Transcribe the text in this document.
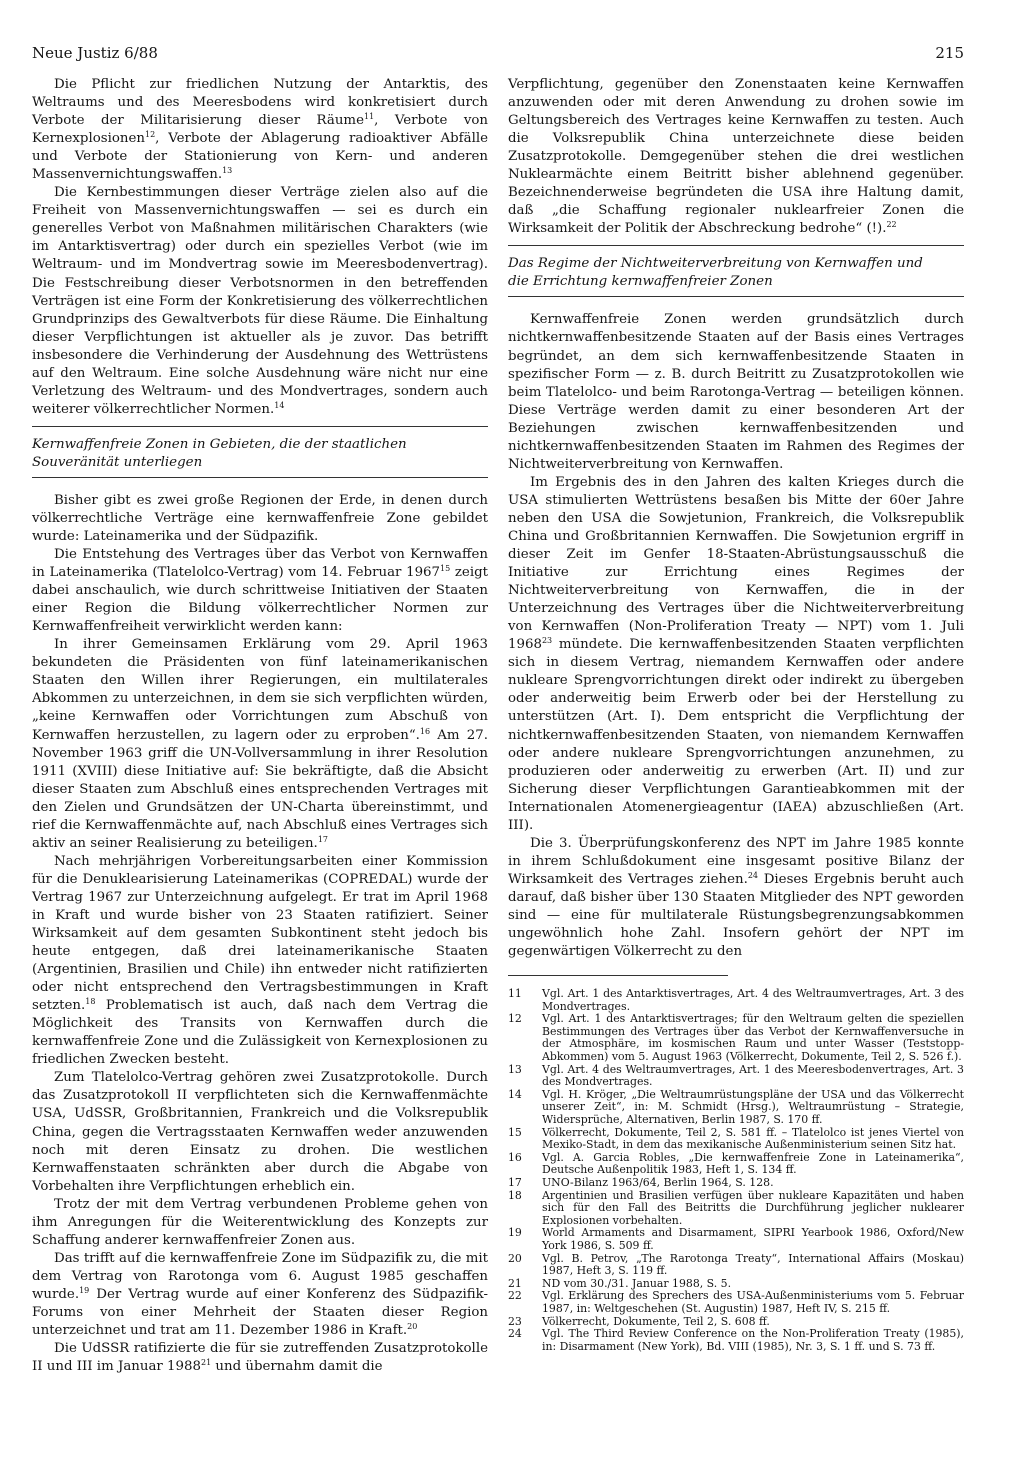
Neue Justiz 6/88	215

Die Pflicht zur friedlichen Nutzung der Antarktis, des Weltraums und des Meeresbodens wird konkretisiert durch Verbote der Militarisierung dieser Räume$^{11}$, Verbote von Kernexplosionen$^{12}$, Verbote der Ablagerung radioaktiver Abfälle und Verbote der Stationierung von Kern- und anderen Massenvernichtungswaffen.$^{13}$

Die Kernbestimmungen dieser Verträge zielen also auf die Freiheit von Massenvernichtungswaffen — sei es durch ein generelles Verbot von Maßnahmen militärischen Charakters (wie im Antarktisvertrag) oder durch ein spezielles Verbot (wie im Weltraum- und im Mondvertrag sowie im Meeresbodenvertrag). Die Festschreibung dieser Verbotsnormen in den betreffenden Verträgen ist eine Form der Konkretisierung des völkerrechtlichen Grundprinzips des Gewaltverbots für diese Räume. Die Einhaltung dieser Verpflichtungen ist aktueller als je zuvor. Das betrifft insbesondere die Verhinderung der Ausdehnung des Wettrüstens auf den Weltraum. Eine solche Ausdehnung wäre nicht nur eine Verletzung des Weltraum- und des Mondvertrages, sondern auch weiterer völkerrechtlicher Normen.$^{14}$

Kernwaffenfreie Zonen in Gebieten, die der staatlichen Souveränität unterliegen

Bisher gibt es zwei große Regionen der Erde, in denen durch völkerrechtliche Verträge eine kernwaffenfreie Zone gebildet wurde: Lateinamerika und der Südpazifik.

Die Entstehung des Vertrages über das Verbot von Kernwaffen in Lateinamerika (Tlatelolco-Vertrag) vom 14. Februar 1967$^{15}$ zeigt dabei anschaulich, wie durch schrittweise Initiativen der Staaten einer Region die Bildung völkerrechtlicher Normen zur Kernwaffenfreiheit verwirklicht werden kann:

In ihrer Gemeinsamen Erklärung vom 29. April 1963 bekundeten die Präsidenten von fünf lateinamerikanischen Staaten den Willen ihrer Regierungen, ein multilaterales Abkommen zu unterzeichnen, in dem sie sich verpflichten würden, „keine Kernwaffen oder Vorrichtungen zum Abschuß von Kernwaffen herzustellen, zu lagern oder zu erproben“.$^{16}$ Am 27. November 1963 griff die UN-Vollversammlung in ihrer Resolution 1911 (XVIII) diese Initiative auf: Sie bekräftigte, daß die Absicht dieser Staaten zum Abschluß eines entsprechenden Vertrages mit den Zielen und Grundsätzen der UN-Charta übereinstimmt, und rief die Kernwaffenmächte auf, nach Abschluß eines Vertrages sich aktiv an seiner Realisierung zu beteiligen.$^{17}$

Nach mehrjährigen Vorbereitungsarbeiten einer Kommission für die Denuklearisierung Lateinamerikas (COPREDAL) wurde der Vertrag 1967 zur Unterzeichnung aufgelegt. Er trat im April 1968 in Kraft und wurde bisher von 23 Staaten ratifiziert. Seiner Wirksamkeit auf dem gesamten Subkontinent steht jedoch bis heute entgegen, daß drei lateinamerikanische Staaten (Argentinien, Brasilien und Chile) ihn entweder nicht ratifizierten oder nicht entsprechend den Vertragsbestimmungen in Kraft setzten.$^{18}$ Problematisch ist auch, daß nach dem Vertrag die Möglichkeit des Transits von Kernwaffen durch die kernwaffenfreie Zone und die Zulässigkeit von Kernexplosionen zu friedlichen Zwecken besteht.

Zum Tlatelolco-Vertrag gehören zwei Zusatzprotokolle. Durch das Zusatzprotokoll II verpflichteten sich die Kernwaffenmächte USA, UdSSR, Großbritannien, Frankreich und die Volksrepublik China, gegen die Vertragsstaaten Kernwaffen weder anzuwenden noch mit deren Einsatz zu drohen. Die westlichen Kernwaffenstaaten schränkten aber durch die Abgabe von Vorbehalten ihre Verpflichtungen erheblich ein.

Trotz der mit dem Vertrag verbundenen Probleme gehen von ihm Anregungen für die Weiterentwicklung des Konzepts zur Schaffung anderer kernwaffenfreier Zonen aus.

Das trifft auf die kernwaffenfreie Zone im Südpazifik zu, die mit dem Vertrag von Rarotonga vom 6. August 1985 geschaffen wurde.$^{19}$ Der Vertrag wurde auf einer Konferenz des Südpazifik-Forums von einer Mehrheit der Staaten dieser Region unterzeichnet und trat am 11. Dezember 1986 in Kraft.$^{20}$

Die UdSSR ratifizierte die für sie zutreffenden Zusatzprotokolle II und III im Januar 1988$^{21}$ und übernahm damit die

Verpflichtung, gegenüber den Zonenstaaten keine Kernwaffen anzuwenden oder mit deren Anwendung zu drohen sowie im Geltungsbereich des Vertrages keine Kernwaffen zu testen. Auch die Volksrepublik China unterzeichnete diese beiden Zusatzprotokolle. Demgegenüber stehen die drei westlichen Nuklearmächte einem Beitritt bisher ablehnend gegenüber. Bezeichnenderweise begründeten die USA ihre Haltung damit, daß „die Schaffung regionaler nuklearfreier Zonen die Wirksamkeit der Politik der Abschreckung bedrohe“ (!).$^{22}$

Das Regime der Nichtweiterverbreitung von Kernwaffen und die Errichtung kernwaffenfreier Zonen

Kernwaffenfreie Zonen werden grundsätzlich durch nichtkernwaffenbesitzende Staaten auf der Basis eines Vertrages begründet, an dem sich kernwaffenbesitzende Staaten in spezifischer Form — z. B. durch Beitritt zu Zusatzprotokollen wie beim Tlatelolco- und beim Rarotonga-Vertrag — beteiligen können. Diese Verträge werden damit zu einer besonderen Art der Beziehungen zwischen kernwaffenbesitzenden und nichtkernwaffenbesitzenden Staaten im Rahmen des Regimes der Nichtweiterverbreitung von Kernwaffen.

Im Ergebnis des in den Jahren des kalten Krieges durch die USA stimulierten Wettrüstens besaßen bis Mitte der 60er Jahre neben den USA die Sowjetunion, Frankreich, die Volksrepublik China und Großbritannien Kernwaffen. Die Sowjetunion ergriff in dieser Zeit im Genfer 18-Staaten-Abrüstungsausschuß die Initiative zur Errichtung eines Regimes der Nichtweiterverbreitung von Kernwaffen, die in der Unterzeichnung des Vertrages über die Nichtweiterverbreitung von Kernwaffen (Non-Proliferation Treaty — NPT) vom 1. Juli 1968$^{23}$ mündete. Die kernwaffenbesitzenden Staaten verpflichten sich in diesem Vertrag, niemandem Kernwaffen oder andere nukleare Sprengvorrichtungen direkt oder indirekt zu übergeben oder anderweitig beim Erwerb oder bei der Herstellung zu unterstützen (Art. I). Dem entspricht die Verpflichtung der nichtkernwaffenbesitzenden Staaten, von niemandem Kernwaffen oder andere nukleare Sprengvorrichtungen anzunehmen, zu produzieren oder anderweitig zu erwerben (Art. II) und zur Sicherung dieser Verpflichtungen Garantieabkommen mit der Internationalen Atomenergieagentur (IAEA) abzuschließen (Art. III).

Die 3. Überprüfungskonferenz des NPT im Jahre 1985 konnte in ihrem Schlußdokument eine insgesamt positive Bilanz der Wirksamkeit des Vertrages ziehen.$^{24}$ Dieses Ergebnis beruht auch darauf, daß bisher über 130 Staaten Mitglieder des NPT geworden sind — eine für multilaterale Rüstungsbegrenzungsabkommen ungewöhnlich hohe Zahl. Insofern gehört der NPT im gegenwärtigen Völkerrecht zu den

11	Vgl. Art. 1 des Antarktisvertrages, Art. 4 des Weltraumvertrages, Art. 3 des Mondvertrages.
12	Vgl. Art. 1 des Antarktisvertrages; für den Weltraum gelten die speziellen Bestimmungen des Vertrages über das Verbot der Kernwaffenversuche in der Atmosphäre, im kosmischen Raum und unter Wasser (Teststopp-Abkommen) vom 5. August 1963 (Völkerrecht, Dokumente, Teil 2, S. 526 f.).
13	Vgl. Art. 4 des Weltraumvertrages, Art. 1 des Meeresbodenvertrages, Art. 3 des Mondvertrages.
14	Vgl. H. Kröger, „Die Weltraumrüstungspläne der USA und das Völkerrecht unserer Zeit“, in: M. Schmidt (Hrsg.), Weltraumrüstung – Strategie, Widersprüche, Alternativen, Berlin 1987, S. 170 ff.
15	Völkerrecht, Dokumente, Teil 2, S. 581 ff. – Tlatelolco ist jenes Viertel von Mexiko-Stadt, in dem das mexikanische Außenministerium seinen Sitz hat.
16	Vgl. A. Garcia Robles, „Die kernwaffenfreie Zone in Lateinamerika“, Deutsche Außenpolitik 1983, Heft 1, S. 134 ff.
17	UNO-Bilanz 1963/64, Berlin 1964, S. 128.
18	Argentinien und Brasilien verfügen über nukleare Kapazitäten und haben sich für den Fall des Beitritts die Durchführung jeglicher nuklearer Explosionen vorbehalten.
19	World Armaments and Disarmament, SIPRI Yearbook 1986, Oxford/New York 1986, S. 509 ff.
20	Vgl. B. Petrov, „The Rarotonga Treaty“, International Affairs (Moskau) 1987, Heft 3, S. 119 ff.
21	ND vom 30./31. Januar 1988, S. 5.
22	Vgl. Erklärung des Sprechers des USA-Außenministeriums vom 5. Februar 1987, in: Weltgeschehen (St. Augustin) 1987, Heft IV, S. 215 ff.
23	Völkerrecht, Dokumente, Teil 2, S. 608 ff.
24	Vgl. The Third Review Conference on the Non-Proliferation Treaty (1985), in: Disarmament (New York), Bd. VIII (1985), Nr. 3, S. 1 ff. und S. 73 ff.
